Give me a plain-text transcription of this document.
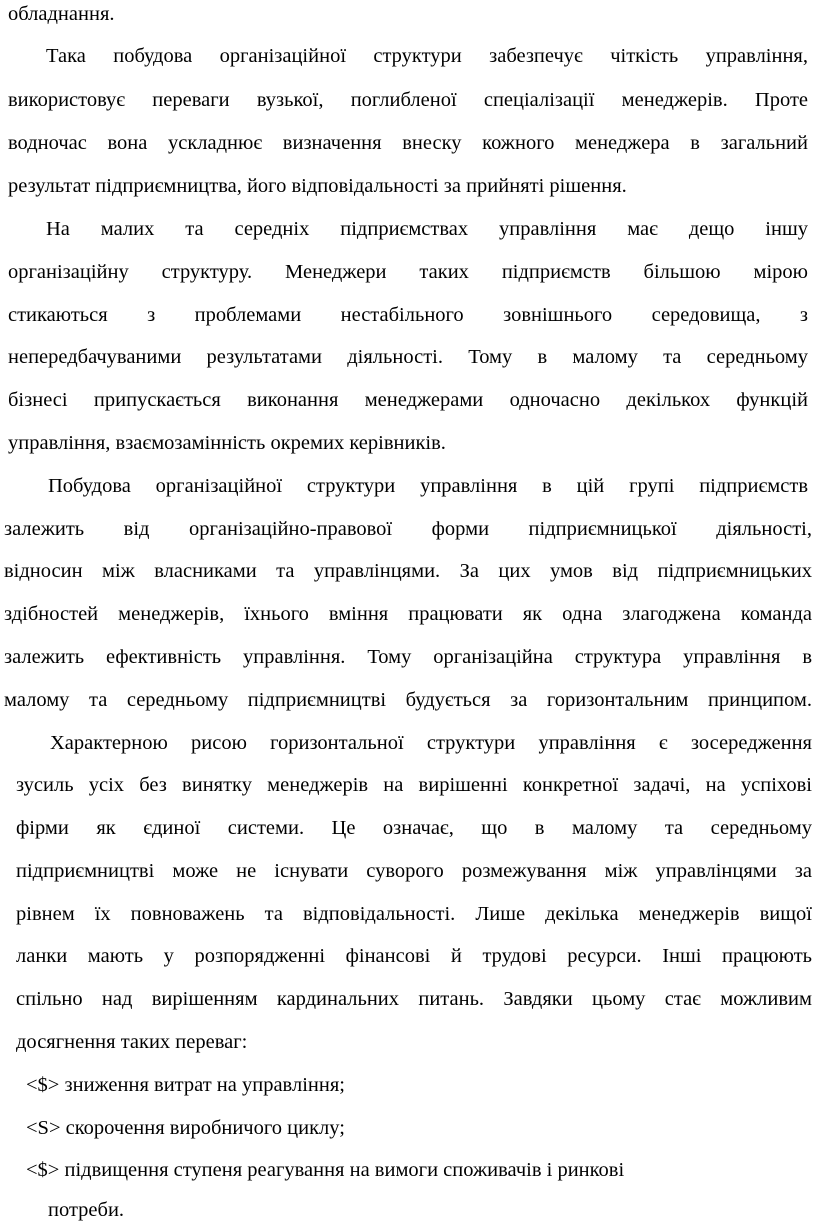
обладнання.
Така побудова організаційної структури забезпечує чіткість управління,
використовує переваги вузької, поглибленої спеціалізації менеджерів. Проте
водночас вона ускладнює визначення внеску кожного менеджера в загальний
результат підприємництва, його відповідальності за прийняті рішення.
На малих та середніх підприємствах управління має дещо іншу
організаційну структуру. Менеджери таких підприємств більшою мірою
стикаються з проблемами нестабільного зовнішнього середовища, з
непередбачуваними результатами діяльності. Тому в малому та середньому
бізнесі припускається виконання менеджерами одночасно декількох функцій
управління, взаємозамінність окремих керівників.
Побудова організаційної структури управління в цій групі підприємств
залежить від організаційно-правової форми підприємницької діяльності,
відносин між власниками та управлінцями. За цих умов від підприємницьких
здібностей менеджерів, їхнього вміння працювати як одна злагоджена команда
залежить ефективність управління. Тому організаційна структура управління в
малому та середньому підприємництві будується за горизонтальним принципом.
Характерною рисою горизонтальної структури управління є зосередження
зусиль усіх без винятку менеджерів на вирішенні конкретної задачі, на успіхові
фірми як єдиної системи. Це означає, що в малому та середньому
підприємництві може не існувати суворого розмежування між управлінцями за
рівнем їх повноважень та відповідальності. Лише декілька менеджерів вищої
ланки мають у розпорядженні фінансові й трудові ресурси. Інші працюють
спільно над вирішенням кардинальних питань. Завдяки цьому стає можливим
досягнення таких переваг:
<$> зниження витрат на управління;
<S> скорочення виробничого циклу;
<$> підвищення ступеня реагування на вимоги споживачів і ринкові
потреби.
